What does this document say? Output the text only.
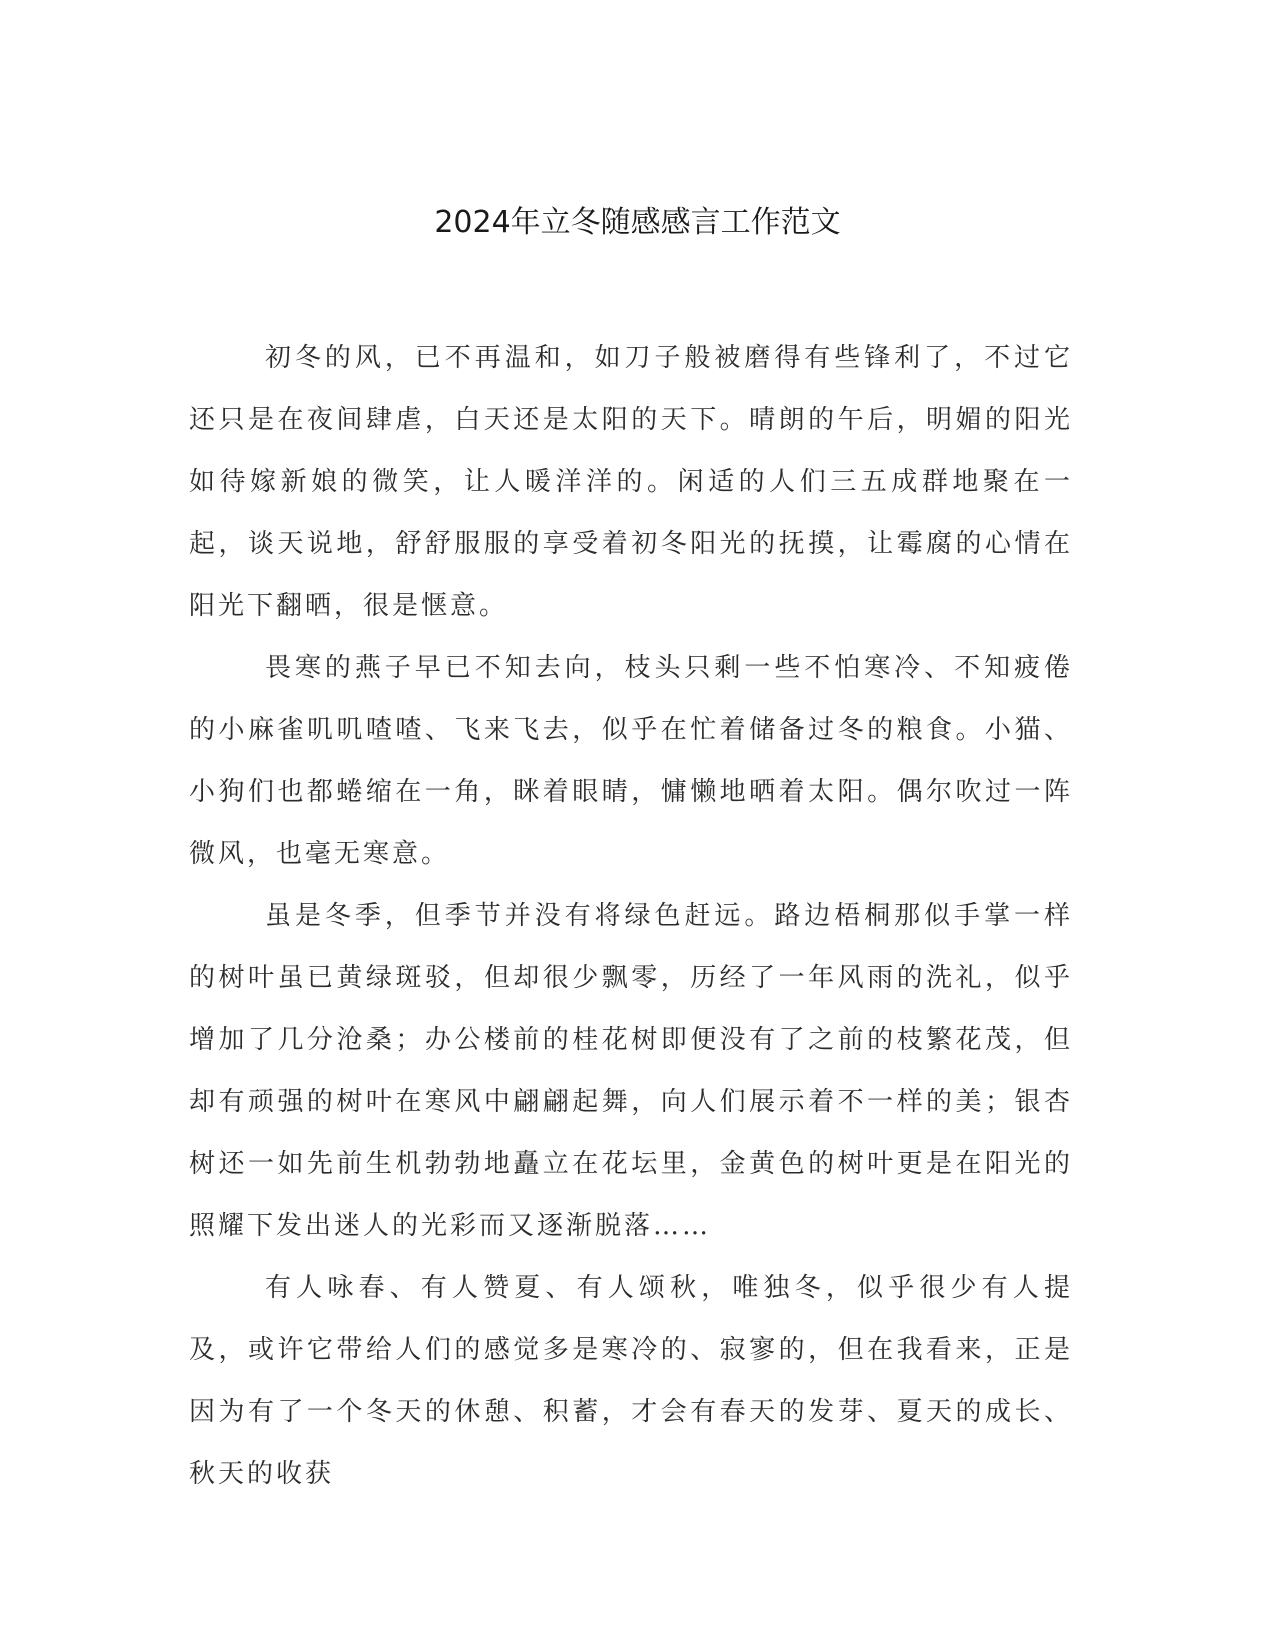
2024年立冬随感感言工作范文

初冬的风，已不再温和，如刀子般被磨得有些锋利了，不过它还只是在夜间肆虐，白天还是太阳的天下。晴朗的午后，明媚的阳光如待嫁新娘的微笑，让人暖洋洋的。闲适的人们三五成群地聚在一起，谈天说地，舒舒服服的享受着初冬阳光的抚摸，让霉腐的心情在阳光下翻晒，很是惬意。

畏寒的燕子早已不知去向，枝头只剩一些不怕寒冷、不知疲倦的小麻雀叽叽喳喳、飞来飞去，似乎在忙着储备过冬的粮食。小猫、小狗们也都蜷缩在一角，眯着眼睛，慵懒地晒着太阳。偶尔吹过一阵微风，也毫无寒意。

虽是冬季，但季节并没有将绿色赶远。路边梧桐那似手掌一样的树叶虽已黄绿斑驳，但却很少飘零，历经了一年风雨的洗礼，似乎增加了几分沧桑；办公楼前的桂花树即便没有了之前的枝繁花茂，但却有顽强的树叶在寒风中翩翩起舞，向人们展示着不一样的美；银杏树还一如先前生机勃勃地矗立在花坛里，金黄色的树叶更是在阳光的照耀下发出迷人的光彩而又逐渐脱落……

有人咏春、有人赞夏、有人颂秋，唯独冬，似乎很少有人提及，或许它带给人们的感觉多是寒冷的、寂寥的，但在我看来，正是因为有了一个冬天的休憩、积蓄，才会有春天的发芽、夏天的成长、秋天的收获
